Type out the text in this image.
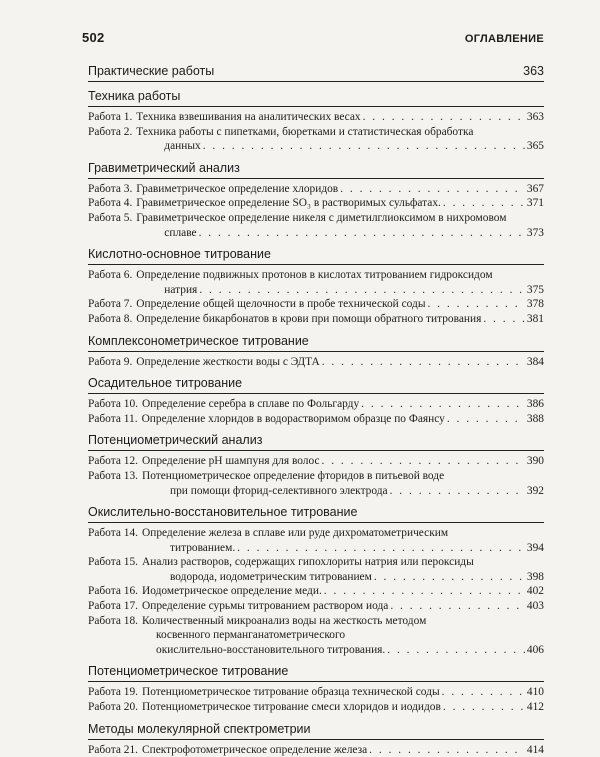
502	ОГЛАВЛЕНИЕ
Практические работы	363
Техника работы
Работа 1. Техника взвешивания на аналитических весах . . .	363
Работа 2. Техника работы с пипетками, бюретками и статистическая обработка
данных . . .	365
Гравиметрический анализ
Работа 3. Гравиметрическое определение хлоридов . . .	367
Работа 4. Гравиметрическое определение SO₃ в растворимых сульфатах. . . .	371
Работа 5. Гравиметрическое определение никеля с диметилглиоксимом в нихромовом
сплаве . . .	373
Кислотно-основное титрование
Работа 6. Определение подвижных протонов в кислотах титрованием гидроксидом
натрия . . .	375
Работа 7. Определение общей щелочности в пробе технической соды . . .	378
Работа 8. Определение бикарбонатов в крови при помощи обратного титрования . . .	381
Комплексонометрическое титрование
Работа 9. Определение жесткости воды с ЭДТА . . .	384
Осадительное титрование
Работа 10. Определение серебра в сплаве по Фольгарду . . .	386
Работа 11. Определение хлоридов в водорастворимом образце по Фаянсу . . .	388
Потенциометрический анализ
Работа 12. Определение pH шампуня для волос . . .	390
Работа 13. Потенциометрическое определение фторидов в питьевой воде
при помощи фторид-селективного электрода . . .	392
Окислительно-восстановительное титрование
Работа 14. Определение железа в сплаве или руде дихроматометрическим
титрованием. . . .	394
Работа 15. Анализ растворов, содержащих гипохлориты натрия или пероксиды
водорода, иодометрическим титрованием . . .	398
Работа 16. Иодометрическое определение меди. . . .	402
Работа 17. Определение сурьмы титрованием раствором иода . . .	403
Работа 18. Количественный микроанализ воды на жесткость методом
косвенного перманганатометрического
окислительно-восстановительного титрования. . . .	406
Потенциометрическое титрование
Работа 19. Потенциометрическое титрование образца технической соды . . .	410
Работа 20. Потенциометрическое титрование смеси хлоридов и иодидов . . .	412
Методы молекулярной спектрометрии
Работа 21. Спектрофотометрическое определение железа . . .	414
